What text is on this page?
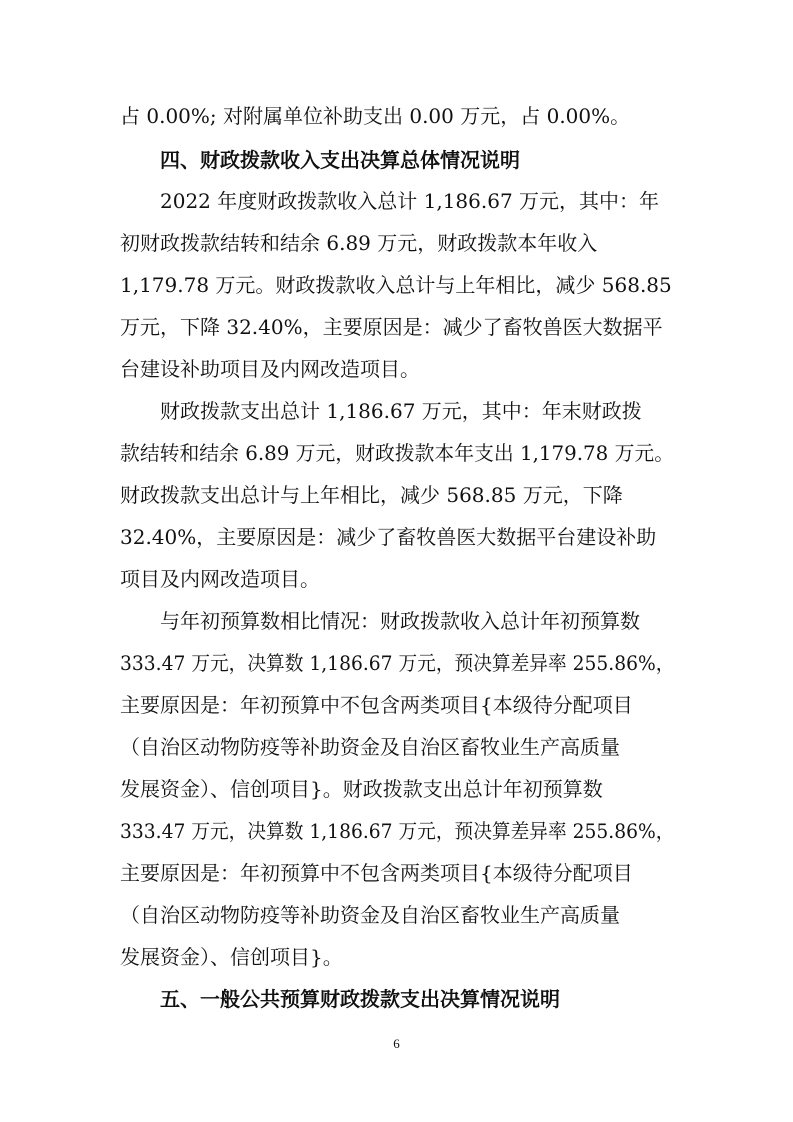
占 0.00%; 对附属单位补助支出 0.00 万元，占 0.00%。
四、财政拨款收入支出决算总体情况说明
2022 年度财政拨款收入总计 1,186.67 万元，其中：年
初财政拨款结转和结余 6.89 万元，财政拨款本年收入
1,179.78 万元。财政拨款收入总计与上年相比，减少 568.85
万元，下降 32.40%，主要原因是：减少了畜牧兽医大数据平
台建设补助项目及内网改造项目。
财政拨款支出总计 1,186.67 万元，其中：年末财政拨
款结转和结余 6.89 万元，财政拨款本年支出 1,179.78 万元。
财政拨款支出总计与上年相比，减少 568.85 万元，下降
32.40%，主要原因是：减少了畜牧兽医大数据平台建设补助
项目及内网改造项目。
与年初预算数相比情况：财政拨款收入总计年初预算数
333.47 万元，决算数 1,186.67 万元，预决算差异率 255.86%，
主要原因是：年初预算中不包含两类项目{本级待分配项目
（自治区动物防疫等补助资金及自治区畜牧业生产高质量
发展资金）、信创项目}。财政拨款支出总计年初预算数
333.47 万元，决算数 1,186.67 万元，预决算差异率 255.86%，
主要原因是：年初预算中不包含两类项目{本级待分配项目
（自治区动物防疫等补助资金及自治区畜牧业生产高质量
发展资金）、信创项目}。
五、一般公共预算财政拨款支出决算情况说明
6
